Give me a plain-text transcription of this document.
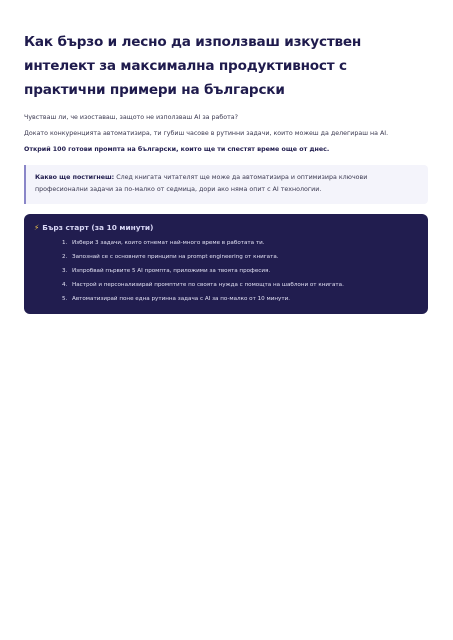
Как бързо и лесно да използваш изкуствен интелект за максимална продуктивност с практични примери на български

Чувстваш ли, че изоставаш, защото не използваш AI за работа?

Докато конкуренцията автоматизира, ти губиш часове в рутинни задачи, които можеш да делегираш на AI.

Открий 100 готови промпта на български, които ще ти спестят време още от днес.

Какво ще постигнеш: След книгата читателят ще може да автоматизира и оптимизира ключови професионални задачи за по-малко от седмица, дори ако няма опит с AI технологии.
⚡ Бърз старт (за 10 минути)
1. Избери 3 задачи, които отнемат най-много време в работата ти.
2. Запознай се с основните принципи на prompt engineering от книгата.
3. Изпробвай първите 5 AI промпта, приложими за твоята професия.
4. Настрой и персонализирай промптите по своята нужда с помощта на шаблони от книгата.
5. Автоматизирай поне една рутинна задача с AI за по-малко от 10 минути.
